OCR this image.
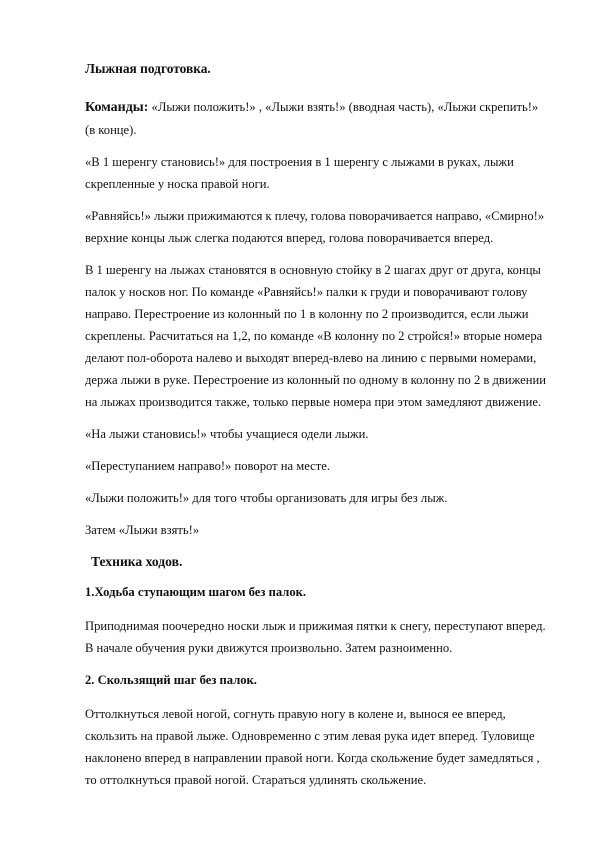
Лыжная подготовка.

Команды: «Лыжи положить!» , «Лыжи взять!» (вводная часть), «Лыжи скрепить!» (в конце).

«В 1 шеренгу становись!» для построения в 1 шеренгу с лыжами в руках, лыжи скрепленные у носка правой ноги.

«Равняйсь!» лыжи прижимаются к плечу, голова поворачивается направо, «Смирно!» верхние концы лыж слегка подаются вперед, голова поворачивается вперед.

В 1 шеренгу на лыжах становятся в основную стойку в 2 шагах друг от друга, концы палок у носков ног. По команде «Равняйсь!» палки к груди и поворачивают голову направо. Перестроение из колонный по 1 в колонну по 2 производится, если лыжи скреплены. Расчитаться на 1,2, по команде «В колонну по 2 стройся!» вторые номера делают пол-оборота налево и выходят вперед-влево на линию с первыми номерами, держа лыжи в руке. Перестроение из колонный по одному в колонну по 2 в движении на лыжах производится также, только первые номера при этом замедляют движение.

«На лыжи становись!» чтобы учащиеся одели лыжи.

«Переступанием направо!» поворот на месте.

«Лыжи положить!» для того чтобы организовать для игры без лыж.

Затем «Лыжи взять!»

Техника ходов.

1.Ходьба ступающим шагом без палок.

Приподнимая поочередно носки лыж и прижимая пятки к снегу, переступают вперед. В начале обучения руки движутся произвольно. Затем разноименно.

2. Скользящий шаг без палок.

Оттолкнуться левой ногой, согнуть правую ногу в колене и, вынося ее вперед, скользить на правой лыже. Одновременно с этим левая рука идет вперед. Туловище наклонено вперед в направлении правой ноги. Когда скольжение будет замедляться , то оттолкнуться правой ногой. Стараться удлинять скольжение.
